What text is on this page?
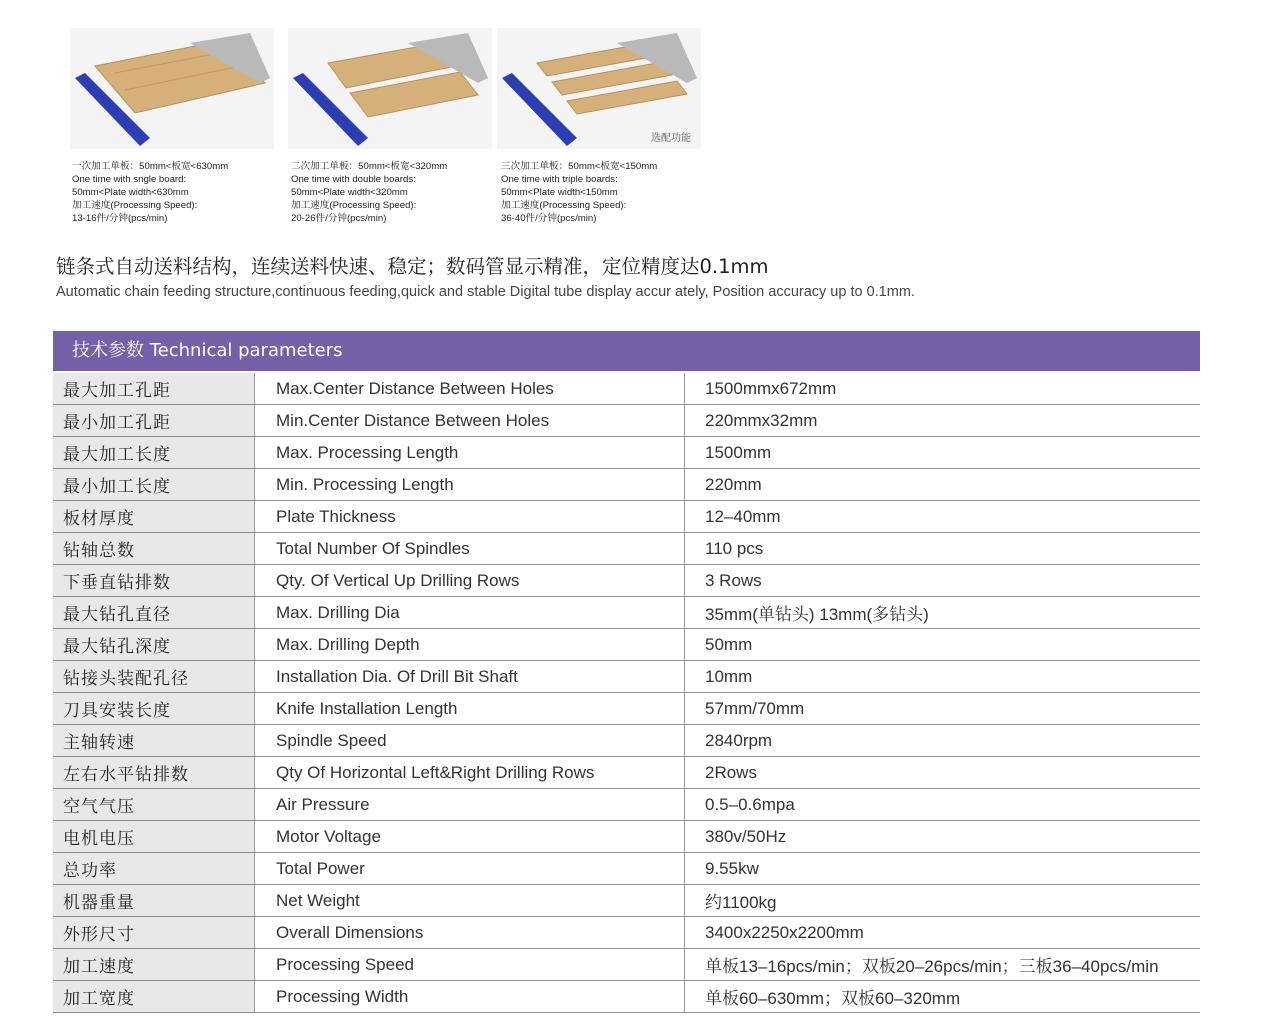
选配功能
一次加工单板：50mm<板宽<630mm
One time with sngle board:
50mm<Plate width<630mm
加工速度(Processing Speed):
13-16件/分钟(pcs/min)
二次加工单板：50mm<板宽<320mm
One time with double boards:
50mm<Plate width<320mm
加工速度(Processing Speed):
20-26件/分钟(pcs/min)
三次加工单板：50mm<板宽<150mm
One time with triple boards:
50mm<Plate width<150mm
加工速度(Processing Speed):
36-40件/分钟(pcs/min)
链条式自动送料结构，连续送料快速、稳定；数码管显示精准，定位精度达0.1mm
Automatic chain feeding structure,continuous feeding,quick and stable Digital tube display accur ately, Position accuracy up to 0.1mm.
技术参数 Technical parameters
最大加工孔距	Max.Center Distance Between Holes	1500mmx672mm
最小加工孔距	Min.Center Distance Between Holes	220mmx32mm
最大加工长度	Max. Processing Length	1500mm
最小加工长度	Min. Processing Length	220mm
板材厚度	Plate Thickness	12–40mm
钻轴总数	Total Number Of Spindles	110 pcs
下垂直钻排数	Qty. Of Vertical Up Drilling Rows	3 Rows
最大钻孔直径	Max. Drilling Dia	35mm(单钻头) 13mm(多钻头)
最大钻孔深度	Max. Drilling Depth	50mm
钻接头装配孔径	Installation Dia. Of Drill Bit Shaft	10mm
刀具安装长度	Knife Installation Length	57mm/70mm
主轴转速	Spindle Speed	2840rpm
左右水平钻排数	Qty Of Horizontal Left&Right Drilling Rows	2Rows
空气气压	Air Pressure	0.5–0.6mpa
电机电压	Motor Voltage	380v/50Hz
总功率	Total Power	9.55kw
机器重量	Net Weight	约1100kg
外形尺寸	Overall Dimensions	3400x2250x2200mm
加工速度	Processing Speed	单板13–16pcs/min；双板20–26pcs/min；三板36–40pcs/min
加工宽度	Processing Width	单板60–630mm；双板60–320mm
